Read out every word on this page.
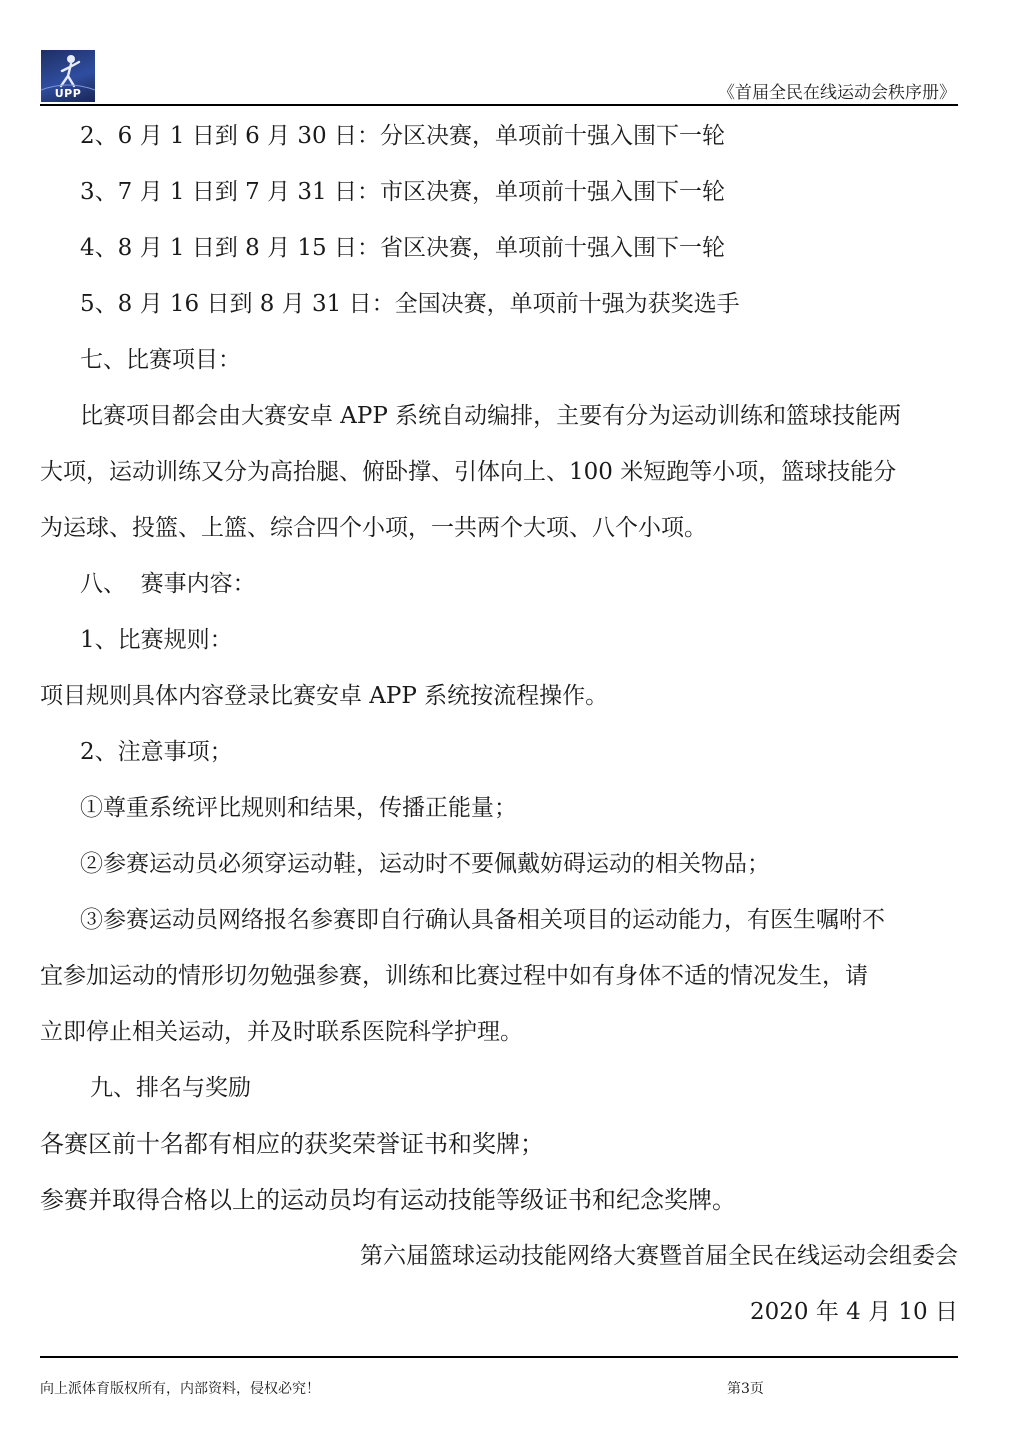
UPP	《首届全民在线运动会秩序册》
2、6 月 1 日到 6 月 30 日：分区决赛，单项前十强入围下一轮
3、7 月 1 日到 7 月 31 日：市区决赛，单项前十强入围下一轮
4、8 月 1 日到 8 月 15 日：省区决赛，单项前十强入围下一轮
5、8 月 16 日到 8 月 31 日：全国决赛，单项前十强为获奖选手
七、比赛项目：
比赛项目都会由大赛安卓 APP 系统自动编排，主要有分为运动训练和篮球技能两
大项，运动训练又分为高抬腿、俯卧撑、引体向上、100 米短跑等小项，篮球技能分
为运球、投篮、上篮、综合四个小项，一共两个大项、八个小项。
八、  赛事内容：
1、比赛规则：
项目规则具体内容登录比赛安卓 APP 系统按流程操作。
2、注意事项；
①尊重系统评比规则和结果，传播正能量；
②参赛运动员必须穿运动鞋，运动时不要佩戴妨碍运动的相关物品；
③参赛运动员网络报名参赛即自行确认具备相关项目的运动能力，有医生嘱咐不
宜参加运动的情形切勿勉强参赛，训练和比赛过程中如有身体不适的情况发生，请
立即停止相关运动，并及时联系医院科学护理。
九、排名与奖励
各赛区前十名都有相应的获奖荣誉证书和奖牌；
参赛并取得合格以上的运动员均有运动技能等级证书和纪念奖牌。
第六届篮球运动技能网络大赛暨首届全民在线运动会组委会
2020 年 4 月 10 日
向上派体育版权所有，内部资料，侵权必究！	第3页
